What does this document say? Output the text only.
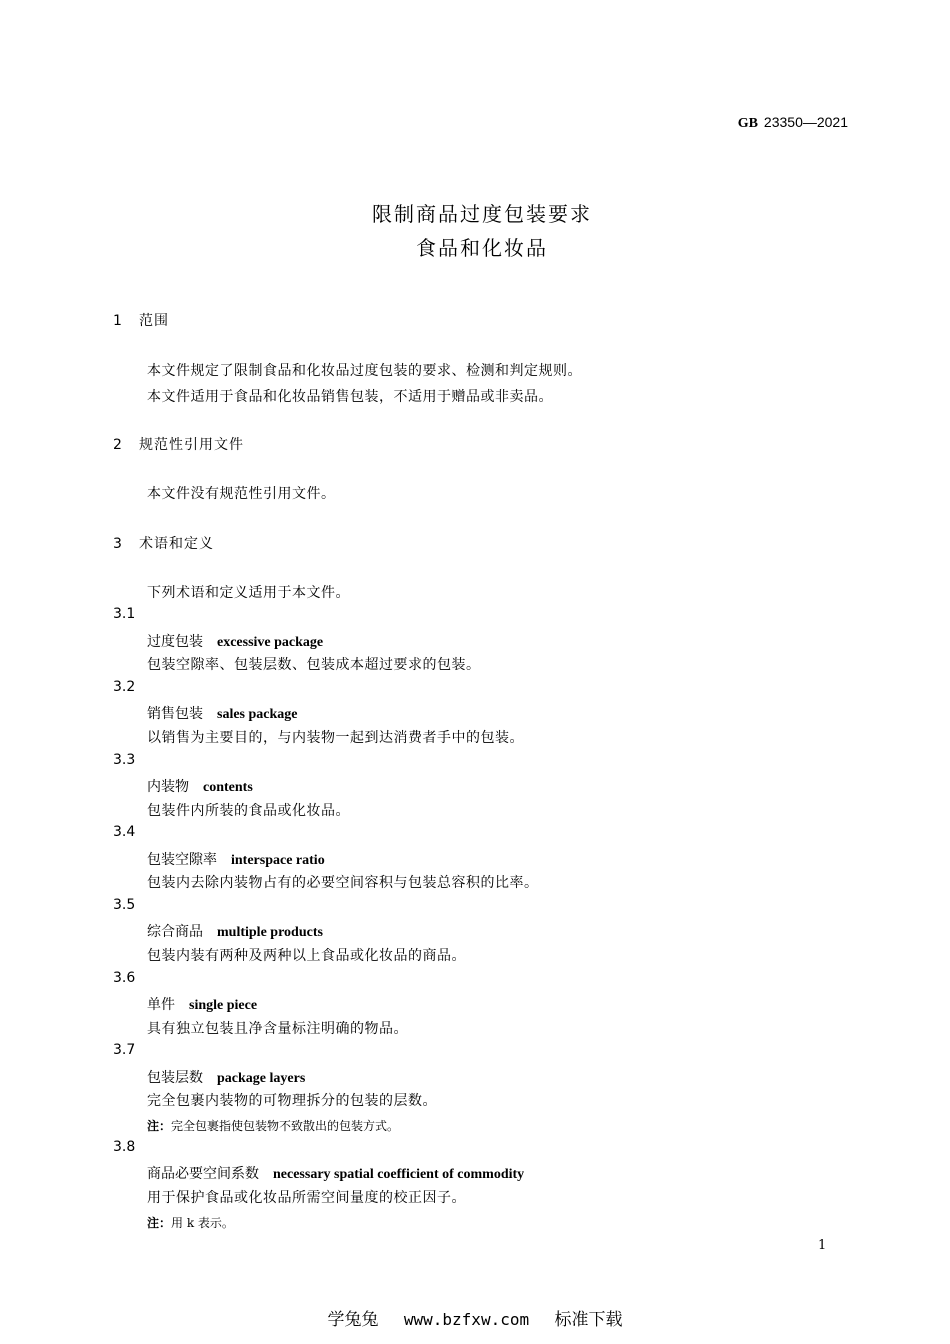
GB 23350—2021
限制商品过度包装要求
食品和化妆品
1 范围
本文件规定了限制食品和化妆品过度包装的要求、检测和判定规则。
本文件适用于食品和化妆品销售包装，不适用于赠品或非卖品。
2 规范性引用文件
本文件没有规范性引用文件。
3 术语和定义
下列术语和定义适用于本文件。
3.1
过度包装 excessive package
包装空隙率、包装层数、包装成本超过要求的包装。
3.2
销售包装 sales package
以销售为主要目的，与内装物一起到达消费者手中的包装。
3.3
内装物 contents
包装件内所装的食品或化妆品。
3.4
包装空隙率 interspace ratio
包装内去除内装物占有的必要空间容积与包装总容积的比率。
3.5
综合商品 multiple products
包装内装有两种及两种以上食品或化妆品的商品。
3.6
单件 single piece
具有独立包装且净含量标注明确的物品。
3.7
包装层数 package layers
完全包裹内装物的可物理拆分的包装的层数。
注：完全包裹指使包装物不致散出的包装方式。
3.8
商品必要空间系数 necessary spatial coefficient of commodity
用于保护食品或化妆品所需空间量度的校正因子。
注：用 k 表示。
1
学兔兔 www.bzfxw.com 标准下载
